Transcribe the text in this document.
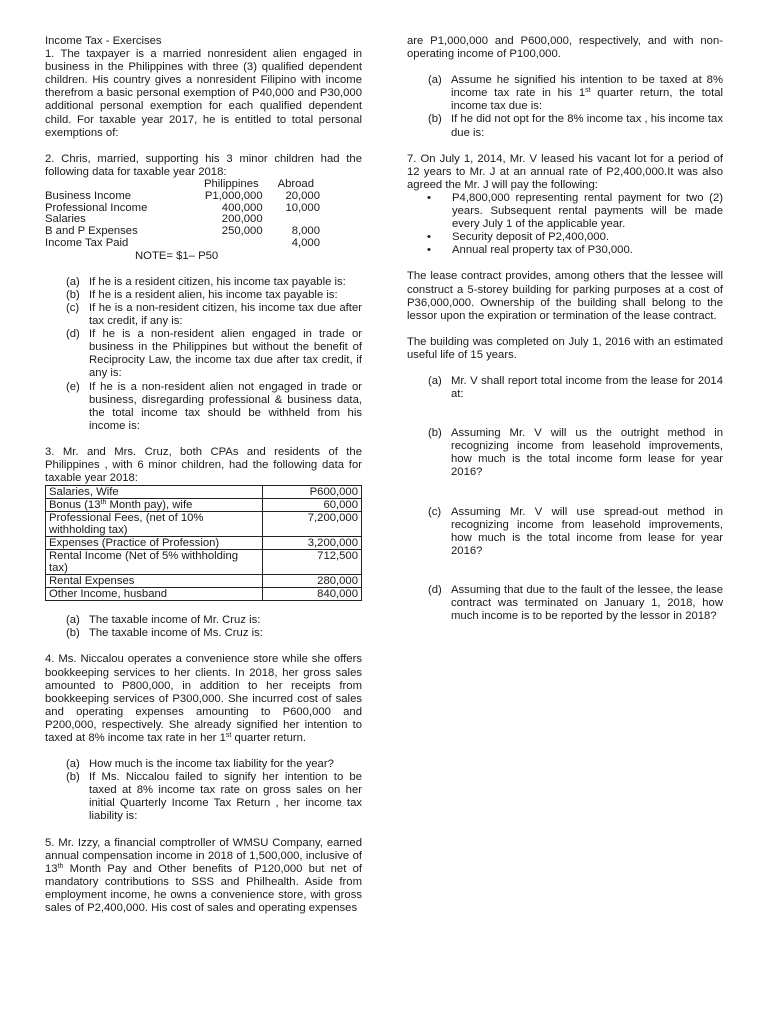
Income Tax - Exercises

1. The taxpayer is a married nonresident alien engaged in business in the Philippines with three (3) qualified dependent children. His country gives a nonresident Filipino with income therefrom a basic personal exemption of P40,000 and P30,000 additional personal exemption for each qualified dependent child. For taxable year 2017, he is entitled to total personal exemptions of:

2. Chris, married, supporting his 3 minor children had the following data for taxable year 2018:

	Philippines	Abroad
Business Income	P1,000,000	20,000
Professional Income	400,000	10,000
Salaries	200,000	
B and P Expenses	250,000	8,000
Income Tax Paid		4,000

NOTE= $1– P50

(a) If he is a resident citizen, his income tax payable is:
(b) If he is a resident alien, his income tax payable is:
(c) If he is a non-resident citizen, his income tax due after tax credit, if any is:
(d) If he is a non-resident alien engaged in trade or business in the Philippines but without the benefit of Reciprocity Law, the income tax due after tax credit, if any is:
(e) If he is a non-resident alien not engaged in trade or business, disregarding professional & business data, the total income tax should be withheld from his income is:

3. Mr. and Mrs. Cruz, both CPAs and residents of the Philippines , with 6 minor children, had the following data for taxable year 2018:

Salaries, Wife	P600,000
Bonus (13th Month pay), wife	60,000
Professional Fees, (net of 10% withholding tax)	7,200,000
Expenses (Practice of Profession)	3,200,000
Rental Income (Net of 5% withholding tax)	712,500
Rental Expenses	280,000
Other Income, husband	840,000
(a) The taxable income of Mr. Cruz is:
(b) The taxable income of Ms. Cruz is:

4. Ms. Niccalou operates a convenience store while she offers bookkeeping services to her clients. In 2018, her gross sales amounted to P800,000, in addition to her receipts from bookkeeping services of P300,000. She incurred cost of sales and operating expenses amounting to P600,000 and P200,000, respectively. She already signified her intention to taxed at 8% income tax rate in her 1st quarter return.

(a) How much is the income tax liability for the year?
(b) If Ms. Niccalou failed to signify her intention to be taxed at 8% income tax rate on gross sales on her initial Quarterly Income Tax Return , her income tax liability is:

5. Mr. Izzy, a financial comptroller of WMSU Company, earned annual compensation income in 2018 of 1,500,000, inclusive of 13th Month Pay and Other benefits of P120,000 but net of mandatory contributions to SSS and Philhealth. Aside from employment income, he owns a convenience store, with gross sales of P2,400,000. His cost of sales and operating expenses

are P1,000,000 and P600,000, respectively, and with non-operating income of P100,000.

(a) Assume he signified his intention to be taxed at 8% income tax rate in his 1st quarter return, the total income tax due is:
(b) If he did not opt for the 8% income tax , his income tax due is:

7. On July 1, 2014, Mr. V leased his vacant lot for a period of 12 years to Mr. J at an annual rate of P2,400,000.It was also agreed the Mr. J will pay the following:

• P4,800,000 representing rental payment for two (2) years. Subsequent rental payments will be made every July 1 of the applicable year.
• Security deposit of P2,400,000.
• Annual real property tax of P30,000.

The lease contract provides, among others that the lessee will construct a 5-storey building for parking purposes at a cost of P36,000,000. Ownership of the building shall belong to the lessor upon the expiration or termination of the lease contract.

The building was completed on July 1, 2016 with an estimated useful life of 15 years.

(a) Mr. V shall report total income from the lease for 2014 at:
(b) Assuming Mr. V will us the outright method in recognizing income from leasehold improvements, how much is the total income form lease for year 2016?
(c) Assuming Mr. V will use spread-out method in recognizing income from leasehold improvements, how much is the total income from lease for year 2016?
(d) Assuming that due to the fault of the lessee, the lease contract was terminated on January 1, 2018, how much income is to be reported by the lessor in 2018?
